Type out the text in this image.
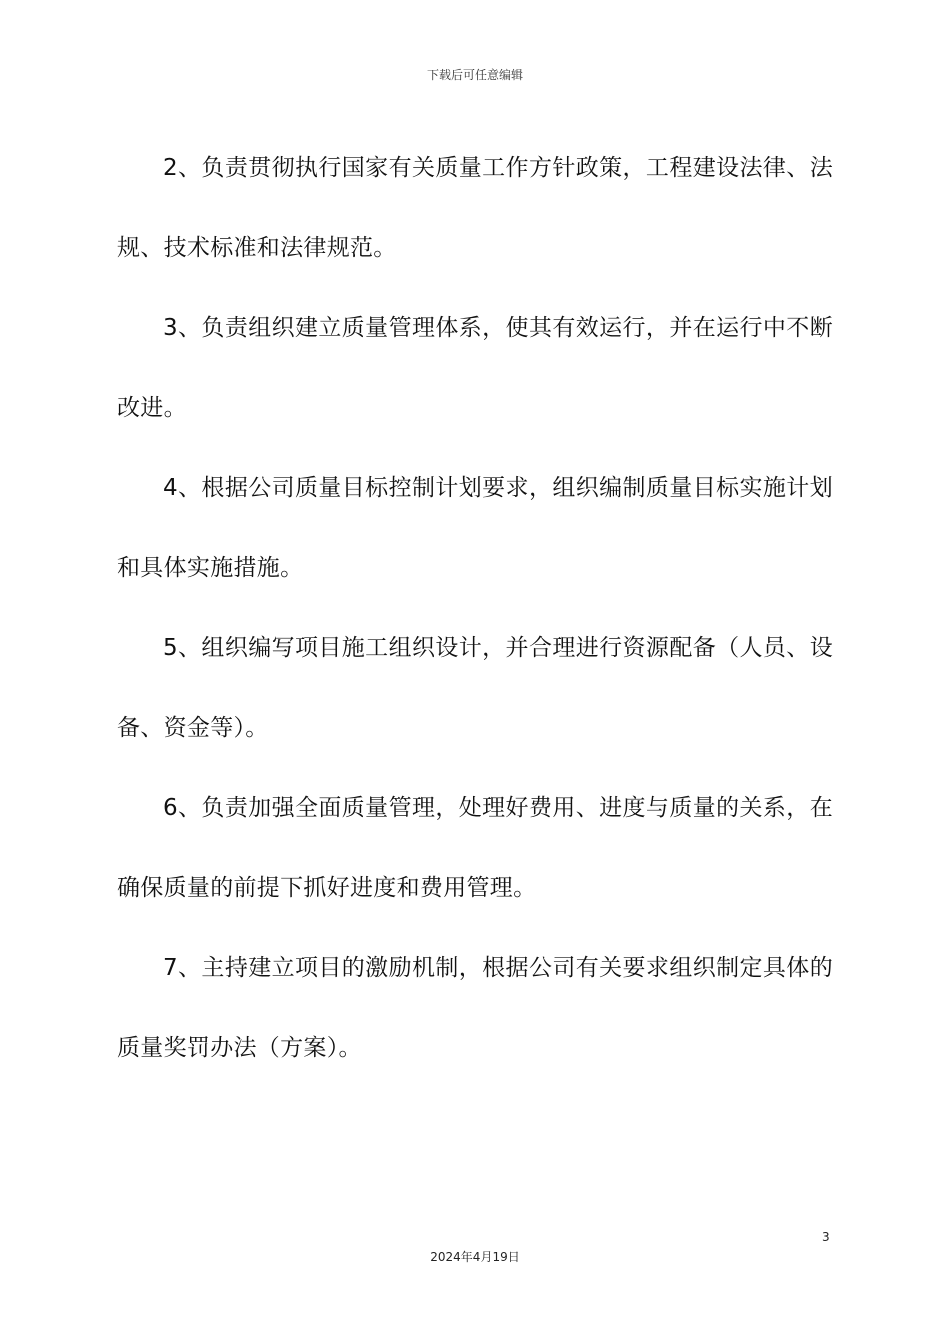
下载后可任意编辑

2、负责贯彻执行国家有关质量工作方针政策，工程建设法律、法规、技术标准和法律规范。

3、负责组织建立质量管理体系，使其有效运行，并在运行中不断改进。

4、根据公司质量目标控制计划要求，组织编制质量目标实施计划和具体实施措施。

5、组织编写项目施工组织设计，并合理进行资源配备（人员、设备、资金等）。

6、负责加强全面质量管理，处理好费用、进度与质量的关系，在确保质量的前提下抓好进度和费用管理。

7、主持建立项目的激励机制，根据公司有关要求组织制定具体的质量奖罚办法（方案）。

3
2024年4月19日
